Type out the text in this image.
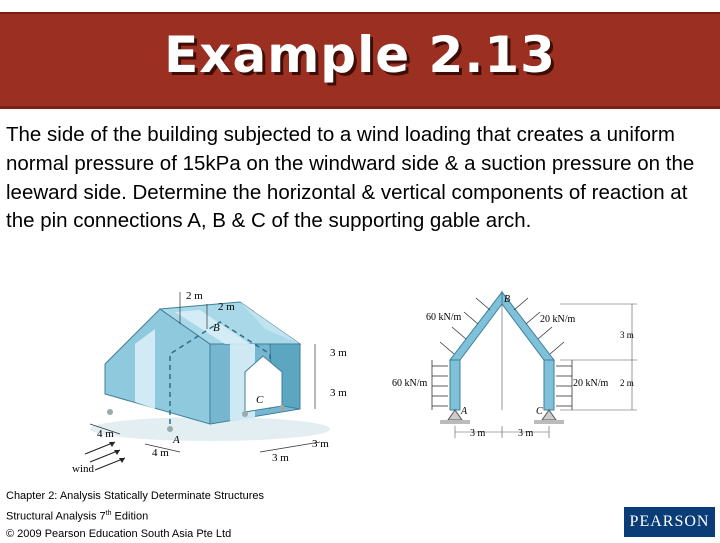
Example 2.13
The side of the building subjected to a wind loading that creates a uniform normal pressure of 15kPa on the windward side & a suction pressure on the leeward side. Determine the horizontal & vertical components of reaction at the pin connections A, B & C of the supporting gable arch.
2 m
2 m
B
3 m
3 m
C
3 m
3 m
4 m	A
4 m
wind
B
60 kN/m	20 kN/m
3 m
60 kN/m	20 kN/m 2 m
A	C
3 m	3 m
Chapter 2: Analysis Statically Determinate Structures
Structural Analysis 7th Edition
© 2009 Pearson Education South Asia Pte Ltd
PEARSON
